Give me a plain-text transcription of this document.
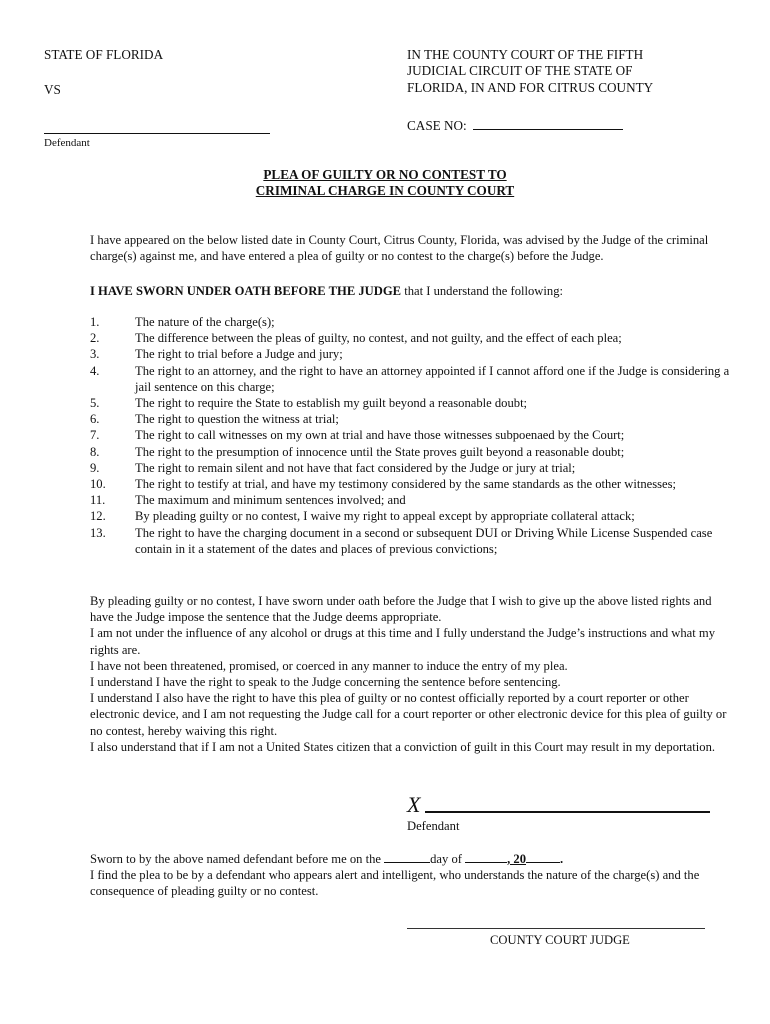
STATE OF FLORIDA
VS
Defendant
IN THE COUNTY COURT OF THE FIFTH
JUDICIAL CIRCUIT OF THE STATE OF
FLORIDA, IN AND FOR CITRUS COUNTY
CASE NO:
PLEA OF GUILTY OR NO CONTEST TO
CRIMINAL CHARGE IN COUNTY COURT
I have appeared on the below listed date in County Court, Citrus County, Florida, was advised by the Judge of the criminal charge(s) against me, and have entered a plea of guilty or no contest to the charge(s) before the Judge.
I HAVE SWORN UNDER OATH BEFORE THE JUDGE that I understand the following:
1.	The nature of the charge(s);
2.	The difference between the pleas of guilty, no contest, and not guilty, and the effect of each plea;
3.	The right to trial before a Judge and jury;
4.	The right to an attorney, and the right to have an attorney appointed if I cannot afford one if the Judge is considering a jail sentence on this charge;
5.	The right to require the State to establish my guilt beyond a reasonable doubt;
6.	The right to question the witness at trial;
7.	The right to call witnesses on my own at trial and have those witnesses subpoenaed by the Court;
8.	The right to the presumption of innocence until the State proves guilt beyond a reasonable doubt;
9.	The right to remain silent and not have that fact considered by the Judge or jury at trial;
10.	The right to testify at trial, and have my testimony considered by the same standards as the other witnesses;
11.	The maximum and minimum sentences involved; and
12.	By pleading guilty or no contest, I waive my right to appeal except by appropriate collateral attack;
13.	The right to have the charging document in a second or subsequent DUI or Driving While License Suspended case contain in it a statement of the dates and places of previous convictions;

By pleading guilty or no contest, I have sworn under oath before the Judge that I wish to give up the above listed rights and have the Judge impose the sentence that the Judge deems appropriate.

I am not under the influence of any alcohol or drugs at this time and I fully understand the Judge’s instructions and what my rights are.

I have not been threatened, promised, or coerced in any manner to induce the entry of my plea.

I understand I have the right to speak to the Judge concerning the sentence before sentencing.

I understand I also have the right to have this plea of guilty or no contest officially reported by a court reporter or other electronic device, and I am not requesting the Judge call for a court reporter or other electronic device for this plea of guilty or no contest, hereby waiving this right.

I also understand that if I am not a United States citizen that a conviction of guilt in this Court may result in my deportation.

X
Defendant

Sworn to by the above named defendant before me on the	day of	, 20	.

I find the plea to be by a defendant who appears alert and intelligent, who understands the nature of the charge(s) and the consequence of pleading guilty or no contest.

COUNTY COURT JUDGE
